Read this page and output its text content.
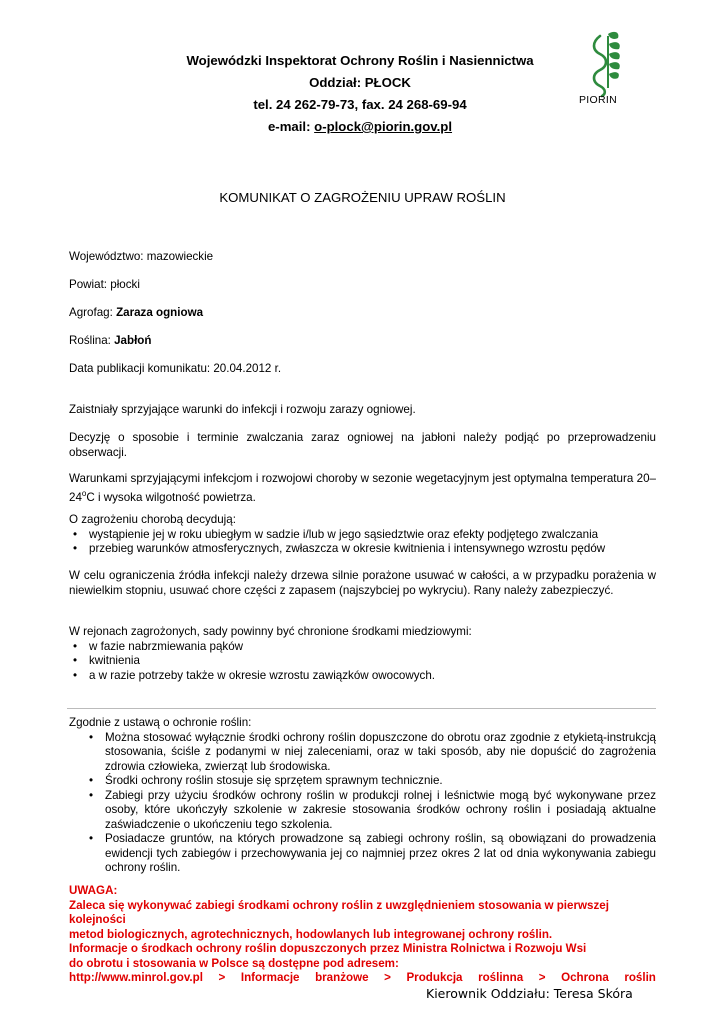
Wojewódzki Inspektorat Ochrony Roślin i Nasiennictwa
Oddział: PŁOCK
tel. 24 262-79-73, fax. 24 268-69-94
e-mail: o-plock@piorin.gov.pl
PIORIN
KOMUNIKAT O ZAGROŻENIU UPRAW ROŚLIN
Województwo: mazowieckie
Powiat: płocki
Agrofag: Zaraza ogniowa
Roślina: Jabłoń
Data publikacji komunikatu: 20.04.2012 r.
Zaistniały sprzyjające warunki do infekcji i rozwoju zarazy ogniowej.
Decyzję o sposobie i terminie zwalczania zaraz ogniowej na jabłoni należy podjąć po przeprowadzeniu obserwacji.
Warunkami sprzyjającymi infekcjom i rozwojowi choroby w sezonie wegetacyjnym jest optymalna temperatura 20–24$^o$C i wysoka wilgotność powietrza.
O zagrożeniu chorobą decydują:
• wystąpienie jej w roku ubiegłym w sadzie i/lub w jego sąsiedztwie oraz efekty podjętego zwalczania
• przebieg warunków atmosferycznych, zwłaszcza w okresie kwitnienia i intensywnego wzrostu pędów
W celu ograniczenia źródła infekcji należy drzewa silnie porażone usuwać w całości, a w przypadku porażenia w niewielkim stopniu, usuwać chore części z zapasem (najszybciej po wykryciu). Rany należy zabezpieczyć.
W rejonach zagrożonych, sady powinny być chronione środkami miedziowymi:
• w fazie nabrzmiewania pąków
• kwitnienia
• a w razie potrzeby także w okresie wzrostu zawiązków owocowych.
Zgodnie z ustawą o ochronie roślin:
• Można stosować wyłącznie środki ochrony roślin dopuszczone do obrotu oraz zgodnie z etykietą-instrukcją stosowania, ściśle z podanymi w niej zaleceniami, oraz w taki sposób, aby nie dopuścić do zagrożenia zdrowia człowieka, zwierząt lub środowiska.
• Środki ochrony roślin stosuje się sprzętem sprawnym technicznie.
• Zabiegi przy użyciu środków ochrony roślin w produkcji rolnej i leśnictwie mogą być wykonywane przez osoby, które ukończyły szkolenie w zakresie stosowania środków ochrony roślin i posiadają aktualne zaświadczenie o ukończeniu tego szkolenia.
• Posiadacze gruntów, na których prowadzone są zabiegi ochrony roślin, są obowiązani do prowadzenia ewidencji tych zabiegów i przechowywania jej co najmniej przez okres 2 lat od dnia wykonywania zabiegu ochrony roślin.
UWAGA:
Zaleca się wykonywać zabiegi środkami ochrony roślin z uwzględnieniem stosowania w pierwszej kolejności
metod biologicznych, agrotechnicznych, hodowlanych lub integrowanej ochrony roślin.
Informacje o środkach ochrony roślin dopuszczonych przez Ministra Rolnictwa i Rozwoju Wsi
do obrotu i stosowania w Polsce są dostępne pod adresem:
http://www.minrol.gov.pl > Informacje branżowe > Produkcja roślinna > Ochrona roślin
Kierownik Oddziału: Teresa Skóra
